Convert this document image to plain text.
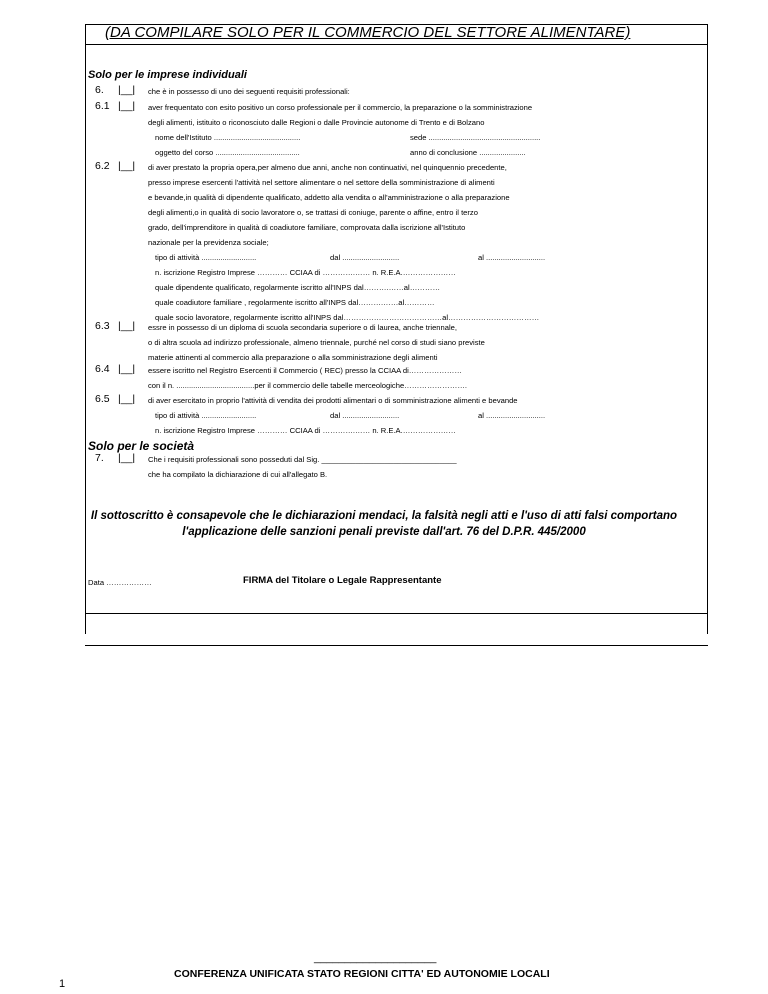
(DA COMPILARE SOLO PER IL COMMERCIO DEL SETTORE ALIMENTARE)
Solo per le imprese individuali
6. |__| che è in possesso di uno dei seguenti requisiti professionali:
6.1 |__| aver frequentato con esito positivo un corso professionale per il commercio, la preparazione o la somministrazione
degli alimenti, istituito o riconosciuto dalle Regioni o dalle Provincie autonome di Trento e di Bolzano
nome dell'Istituto .........................................	sede .....................................................
oggetto del corso ........................................	anno di conclusione ......................
6.2 |__| di aver prestato la propria opera,per almeno due anni, anche non continuativi, nel quinquennio precedente,
presso imprese esercenti l'attività nel settore alimentare o nel settore della somministrazione di alimenti
e bevande,in qualità di dipendente qualificato, addetto alla vendita o all'amministrazione o alla preparazione
degli alimenti,o in qualità di socio lavoratore o, se trattasi di coniuge, parente o affine, entro il terzo
grado, dell'imprenditore in qualità di coadiutore familiare, comprovata dalla iscrizione all'Istituto
nazionale per la previdenza sociale;
tipo di attività ..........................	dal ...........................	al ............................
n. iscrizione Registro Imprese ………… CCIAA di ………….…… n. R.E.A.…………………
quale dipendente qualificato, regolarmente iscritto all'INPS dal……….……al…………
quale coadiutore familiare , regolarmente iscritto all'INPS dal……….……al…………
quale socio lavoratore, regolarmente iscritto all'INPS dal…………………………………al………………………………
6.3 |__| essre in possesso di un diploma di scuola secondaria superiore o di laurea, anche triennale,
o di altra scuola ad indirizzo professionale, almeno triennale, purché nel corso di studi siano previste
materie attinenti al commercio alla preparazione o alla somministrazione degli alimenti
6.4 |__| essere iscritto nel Registro Esercenti il Commercio ( REC) presso la CCIAA di…………………
con il n. .....................................per il commercio delle tabelle merceologiche…………………….
6.5 |__| di aver esercitato in proprio l'attività di vendita dei prodotti alimentari o di somministrazione alimenti e bevande
tipo di attività ..........................	dal ...........................	al ............................
n. iscrizione Registro Imprese ………… CCIAA di ………….…… n. R.E.A.…………………
Solo per le società
7. |__| Che i requisiti professionali sono posseduti dal Sig. ________________________________
che ha compilato la dichiarazione di cui all'allegato B.
Il sottoscritto è consapevole che le dichiarazioni mendaci, la falsità negli atti e l'uso di atti falsi comportano
l'applicazione delle sanzioni penali previste dall'art. 76 del D.P.R. 445/2000
Data ………………	FIRMA del Titolare o Legale Rappresentante
____________________
CONFERENZA UNIFICATA STATO REGIONI CITTA' ED AUTONOMIE LOCALI
1
